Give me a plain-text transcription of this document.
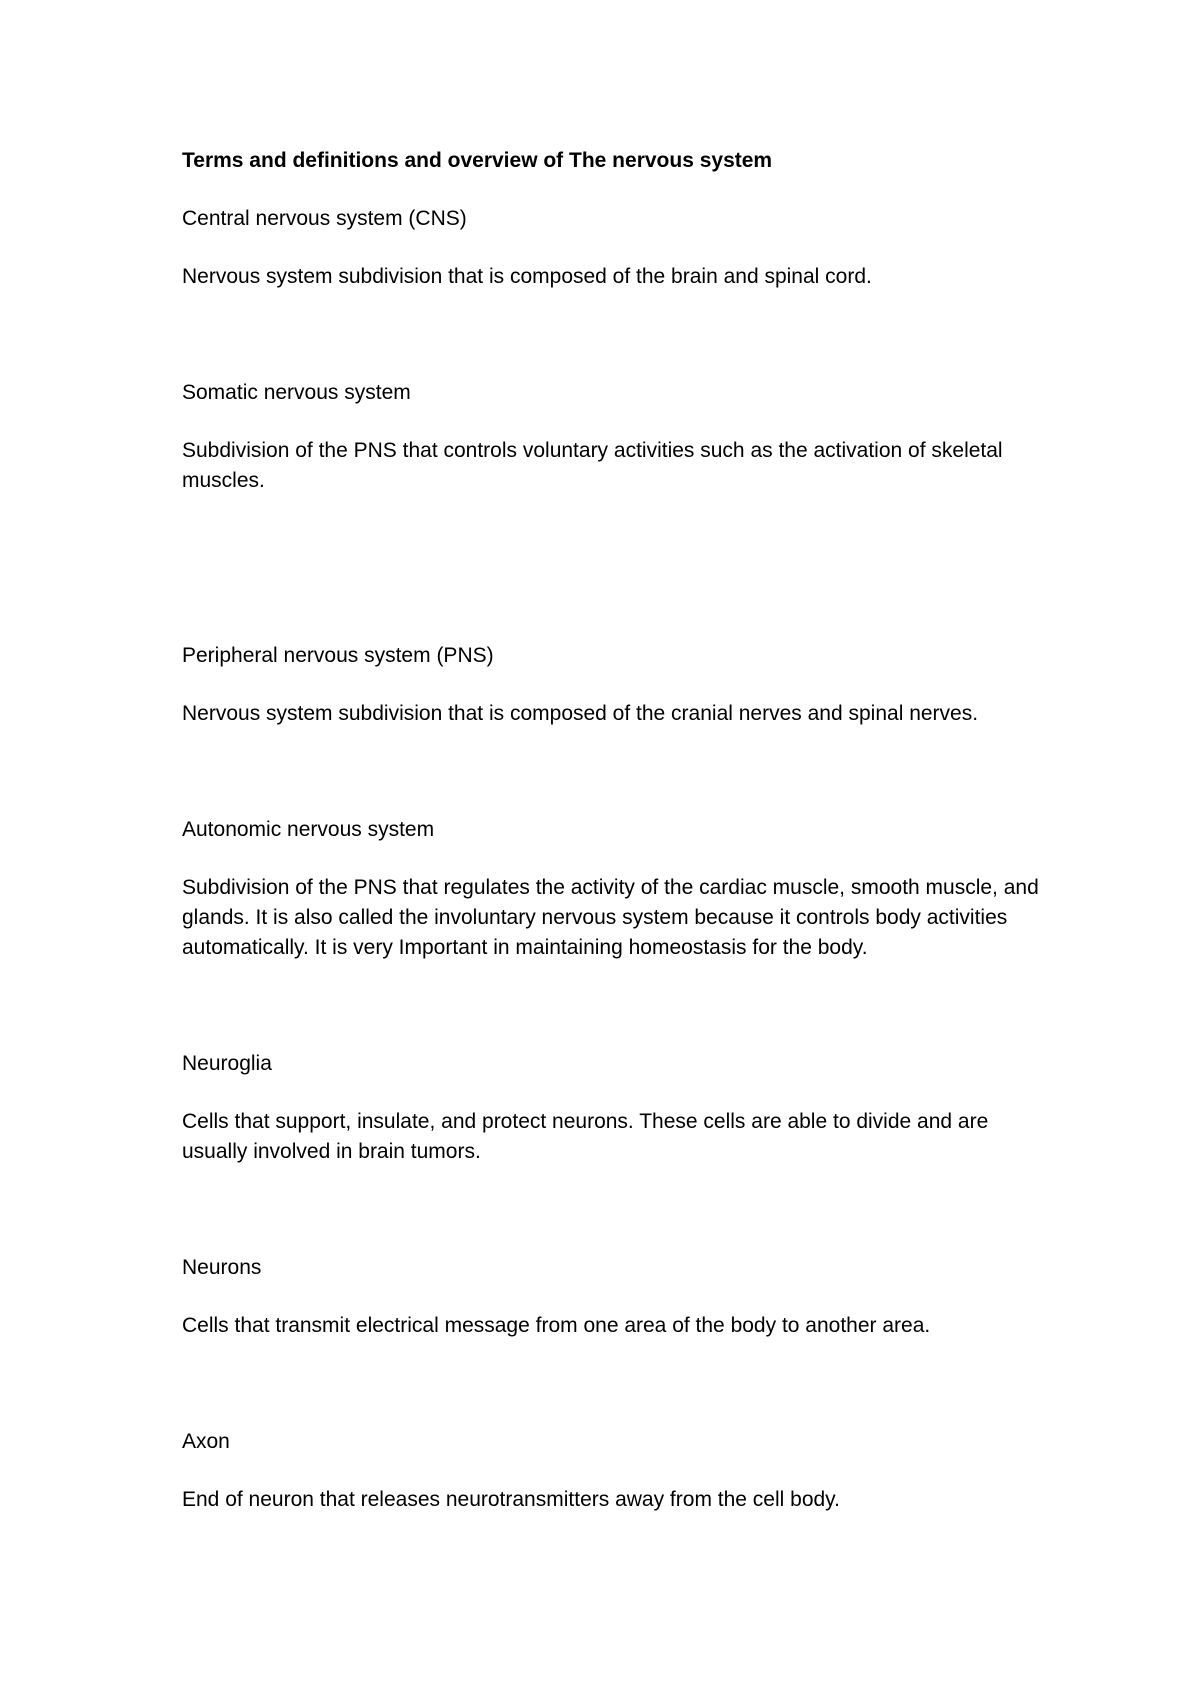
Terms and definitions and overview of The nervous system

Central nervous system (CNS)

Nervous system subdivision that is composed of the brain and spinal cord.

Somatic nervous system

Subdivision of the PNS that controls voluntary activities such as the activation of skeletal muscles.

Peripheral nervous system (PNS)

Nervous system subdivision that is composed of the cranial nerves and spinal nerves.

Autonomic nervous system

Subdivision of the PNS that regulates the activity of the cardiac muscle, smooth muscle, and glands. It is also called the involuntary nervous system because it controls body activities automatically. It is very Important in maintaining homeostasis for the body.

Neuroglia

Cells that support, insulate, and protect neurons. These cells are able to divide and are usually involved in brain tumors.

Neurons

Cells that transmit electrical message from one area of the body to another area.

Axon

End of neuron that releases neurotransmitters away from the cell body.
